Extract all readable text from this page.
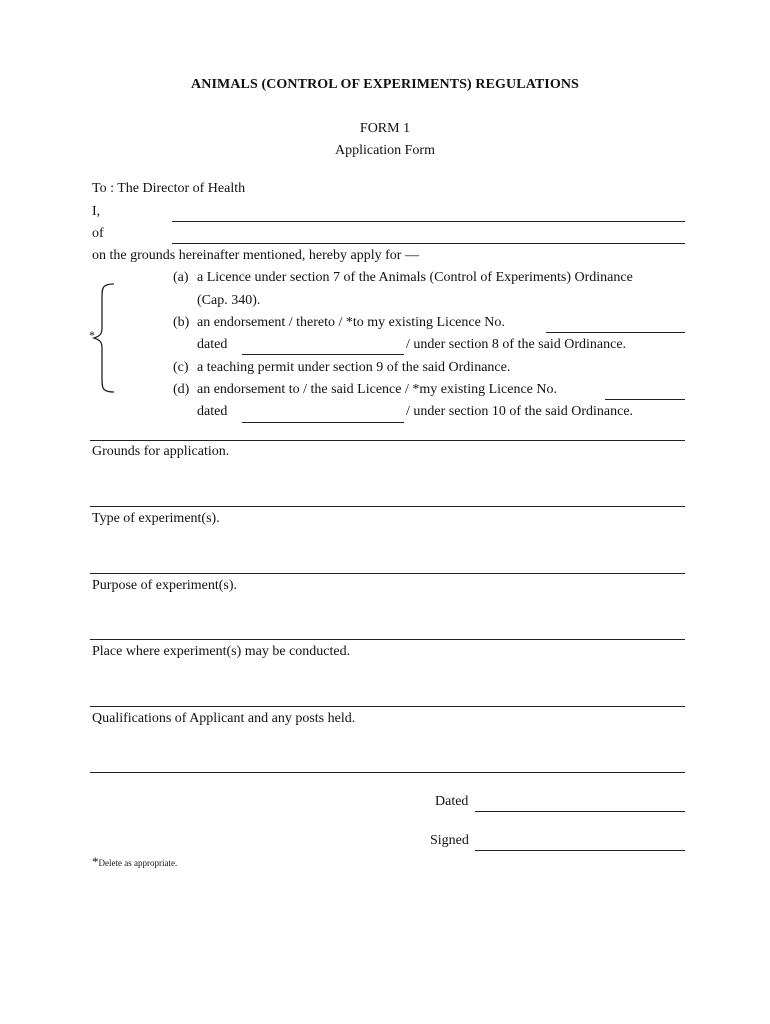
ANIMALS (CONTROL OF EXPERIMENTS) REGULATIONS
FORM 1
Application Form
To : The Director of Health
I,
of
on the grounds hereinafter mentioned, hereby apply for —
*
(a) a Licence under section 7 of the Animals (Control of Experiments) Ordinance
(Cap. 340).
(b) an endorsement / thereto / *to my existing Licence No.
dated	/ under section 8 of the said Ordinance.
(c) a teaching permit under section 9 of the said Ordinance.
(d) an endorsement to / the said Licence / *my existing Licence No.
dated	/ under section 10 of the said Ordinance.
Grounds for application.
Type of experiment(s).
Purpose of experiment(s).
Place where experiment(s) may be conducted.
Qualifications of Applicant and any posts held.
Dated
Signed
*Delete as appropriate.
